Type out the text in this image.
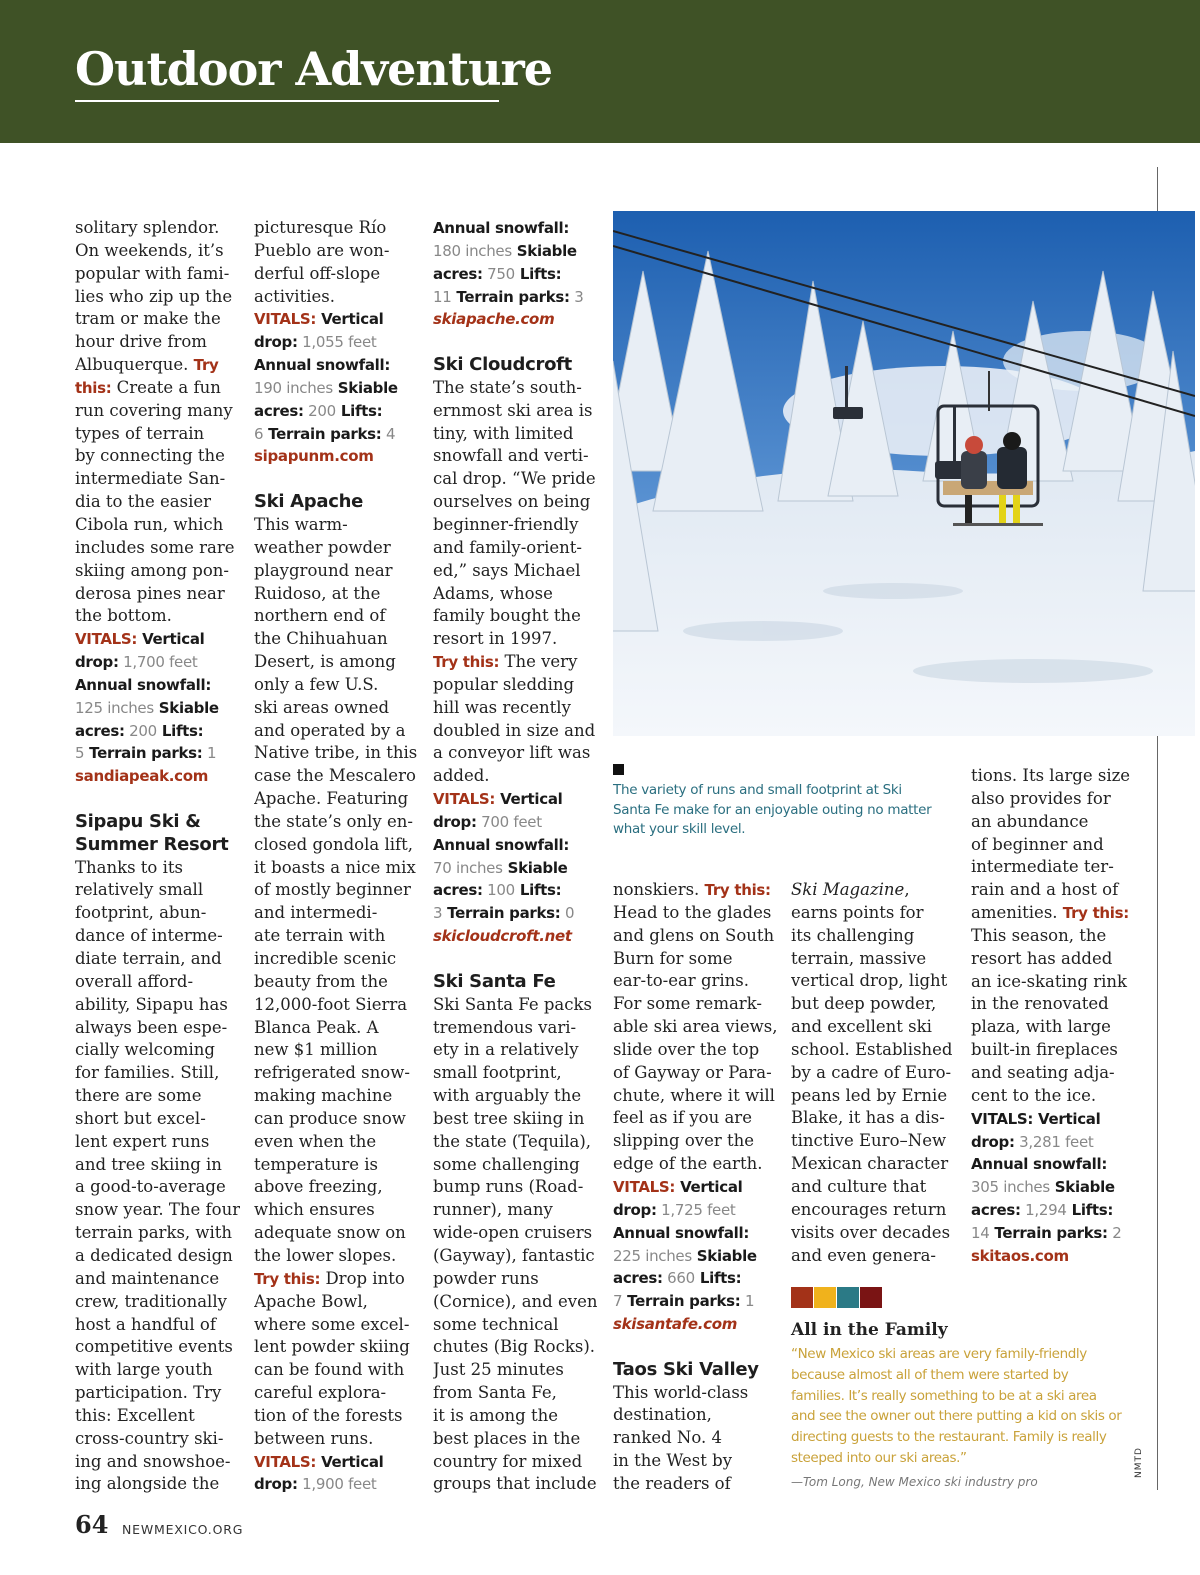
Outdoor Adventure
solitary splendor.
On weekends, it’s
popular with fami-
lies who zip up the
tram or make the
hour drive from
Albuquerque. Try
this: Create a fun
run covering many
types of terrain
by connecting the
intermediate San-
dia to the easier
Cibola run, which
includes some rare
skiing among pon-
derosa pines near
the bottom.
VITALS: Vertical
drop: 1,700 feet
Annual snowfall:
125 inches Skiable
acres: 200 Lifts:
5 Terrain parks: 1
sandiapeak.com
Sipapu Ski &
Summer Resort
Thanks to its
relatively small
footprint, abun-
dance of interme-
diate terrain, and
overall afford-
ability, Sipapu has
always been espe-
cially welcoming
for families. Still,
there are some
short but excel-
lent expert runs
and tree skiing in
a good-to-average
snow year. The four
terrain parks, with
a dedicated design
and maintenance
crew, traditionally
host a handful of
competitive events
with large youth
participation. Try
this: Excellent
cross-country ski-
ing and snowshoe-
ing alongside the
picturesque Río
Pueblo are won-
derful off-slope
activities.
VITALS: Vertical
drop: 1,055 feet
Annual snowfall:
190 inches Skiable
acres: 200 Lifts:
6 Terrain parks: 4
sipapunm.com
Ski Apache
This warm-
weather powder
playground near
Ruidoso, at the
northern end of
the Chihuahuan
Desert, is among
only a few U.S.
ski areas owned
and operated by a
Native tribe, in this
case the Mescalero
Apache. Featuring
the state’s only en-
closed gondola lift,
it boasts a nice mix
of mostly beginner
and intermedi-
ate terrain with
incredible scenic
beauty from the
12,000-foot Sierra
Blanca Peak. A
new $1 million
refrigerated snow-
making machine
can produce snow
even when the
temperature is
above freezing,
which ensures
adequate snow on
the lower slopes.
Try this: Drop into
Apache Bowl,
where some excel-
lent powder skiing
can be found with
careful explora-
tion of the forests
between runs.
VITALS: Vertical
drop: 1,900 feet
Annual snowfall:
180 inches Skiable
acres: 750 Lifts:
11 Terrain parks: 3
skiapache.com
Ski Cloudcroft
The state’s south-
ernmost ski area is
tiny, with limited
snowfall and verti-
cal drop. “We pride
ourselves on being
beginner-friendly
and family-orient-
ed,” says Michael
Adams, whose
family bought the
resort in 1997.
Try this: The very
popular sledding
hill was recently
doubled in size and
a conveyor lift was
added.
VITALS: Vertical
drop: 700 feet
Annual snowfall:
70 inches Skiable
acres: 100 Lifts:
3 Terrain parks: 0
skicloudcroft.net
Ski Santa Fe
Ski Santa Fe packs
tremendous vari-
ety in a relatively
small footprint,
with arguably the
best tree skiing in
the state (Tequila),
some challenging
bump runs (Road-
runner), many
wide-open cruisers
(Gayway), fantastic
powder runs
(Cornice), and even
some technical
chutes (Big Rocks).
Just 25 minutes
from Santa Fe,
it is among the
best places in the
country for mixed
groups that include
The variety of runs and small footprint at Ski
Santa Fe make for an enjoyable outing no matter
what your skill level.
nonskiers. Try this:
Head to the glades
and glens on South
Burn for some
ear-to-ear grins.
For some remark-
able ski area views,
slide over the top
of Gayway or Para-
chute, where it will
feel as if you are
slipping over the
edge of the earth.
VITALS: Vertical
drop: 1,725 feet
Annual snowfall:
225 inches Skiable
acres: 660 Lifts:
7 Terrain parks: 1
skisantafe.com
Taos Ski Valley
This world-class
destination,
ranked No. 4
in the West by
the readers of
Ski Magazine,
earns points for
its challenging
terrain, massive
vertical drop, light
but deep powder,
and excellent ski
school. Established
by a cadre of Euro-
peans led by Ernie
Blake, it has a dis-
tinctive Euro–New
Mexican character
and culture that
encourages return
visits over decades
and even genera-
tions. Its large size
also provides for
an abundance
of beginner and
intermediate ter-
rain and a host of
amenities. Try this:
This season, the
resort has added
an ice-skating rink
in the renovated
plaza, with large
built-in fireplaces
and seating adja-
cent to the ice.
VITALS: Vertical
drop: 3,281 feet
Annual snowfall:
305 inches Skiable
acres: 1,294 Lifts:
14 Terrain parks: 2
skitaos.com
All in the Family
“New Mexico ski areas are very family-friendly
because almost all of them were started by
families. It’s really something to be at a ski area
and see the owner out there putting a kid on skis or
directing guests to the restaurant. Family is really
steeped into our ski areas.”
—Tom Long, New Mexico ski industry pro
NMTD
64 NEWMEXICO.ORG
